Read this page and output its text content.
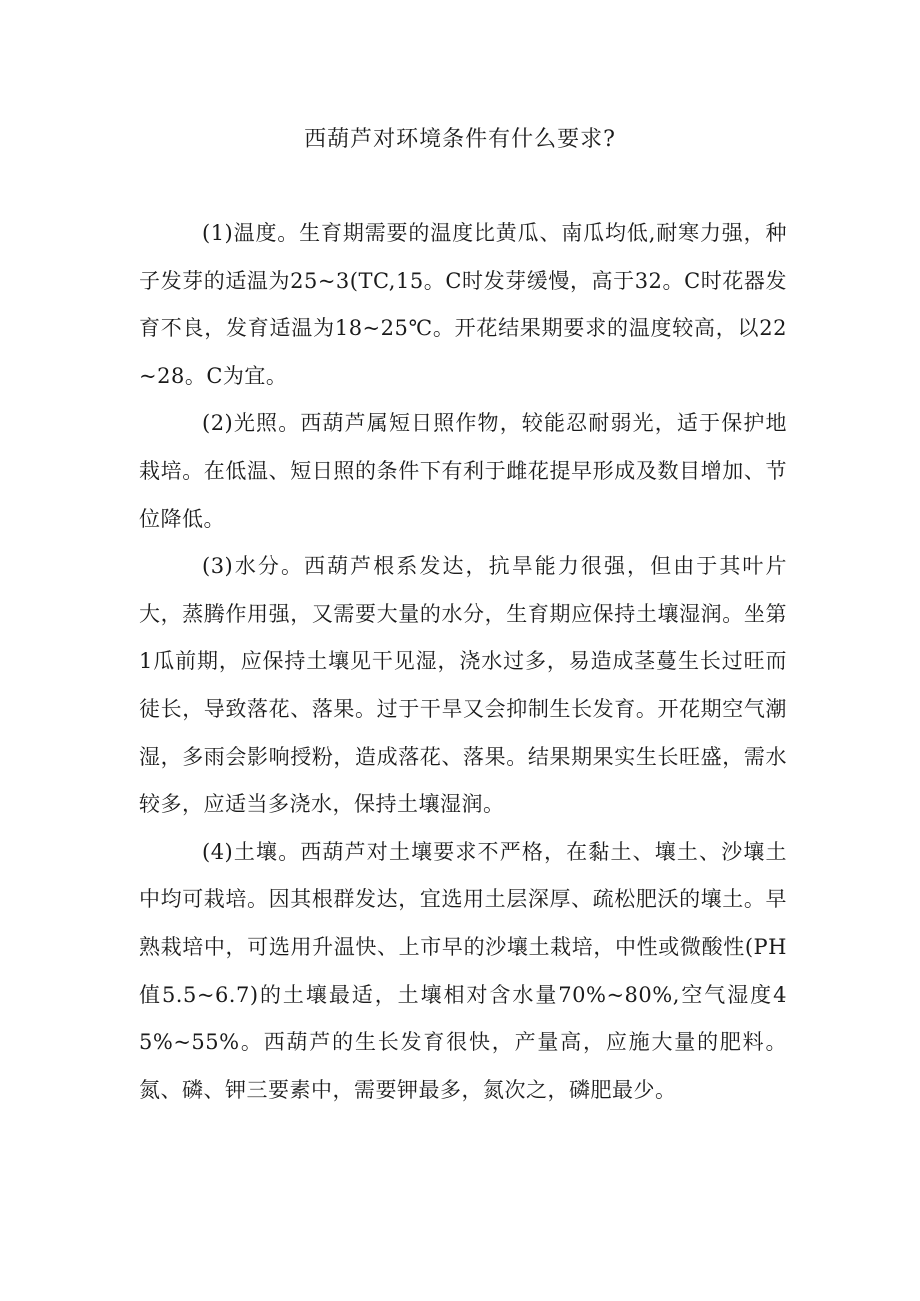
西葫芦对环境条件有什么要求?

(1)温度。生育期需要的温度比黄瓜、南瓜均低,耐寒力强，种子发芽的适温为25~3(TC,15。C时发芽缓慢，高于32。C时花器发育不良，发育适温为18~25℃。开花结果期要求的温度较高，以22~28。C为宜。

(2)光照。西葫芦属短日照作物，较能忍耐弱光，适于保护地栽培。在低温、短日照的条件下有利于雌花提早形成及数目增加、节位降低。

(3)水分。西葫芦根系发达，抗旱能力很强，但由于其叶片大，蒸腾作用强，又需要大量的水分，生育期应保持土壤湿润。坐第1瓜前期，应保持土壤见干见湿，浇水过多，易造成茎蔓生长过旺而徒长，导致落花、落果。过于干旱又会抑制生长发育。开花期空气潮湿，多雨会影响授粉，造成落花、落果。结果期果实生长旺盛，需水较多，应适当多浇水，保持土壤湿润。

(4)土壤。西葫芦对土壤要求不严格，在黏土、壤土、沙壤土中均可栽培。因其根群发达，宜选用土层深厚、疏松肥沃的壤土。早熟栽培中，可选用升温快、上市早的沙壤土栽培，中性或微酸性(PH值5.5~6.7)的土壤最适，土壤相对含水量70%~80%,空气湿度45%~55%。西葫芦的生长发育很快，产量高，应施大量的肥料。氮、磷、钾三要素中，需要钾最多，氮次之，磷肥最少。
